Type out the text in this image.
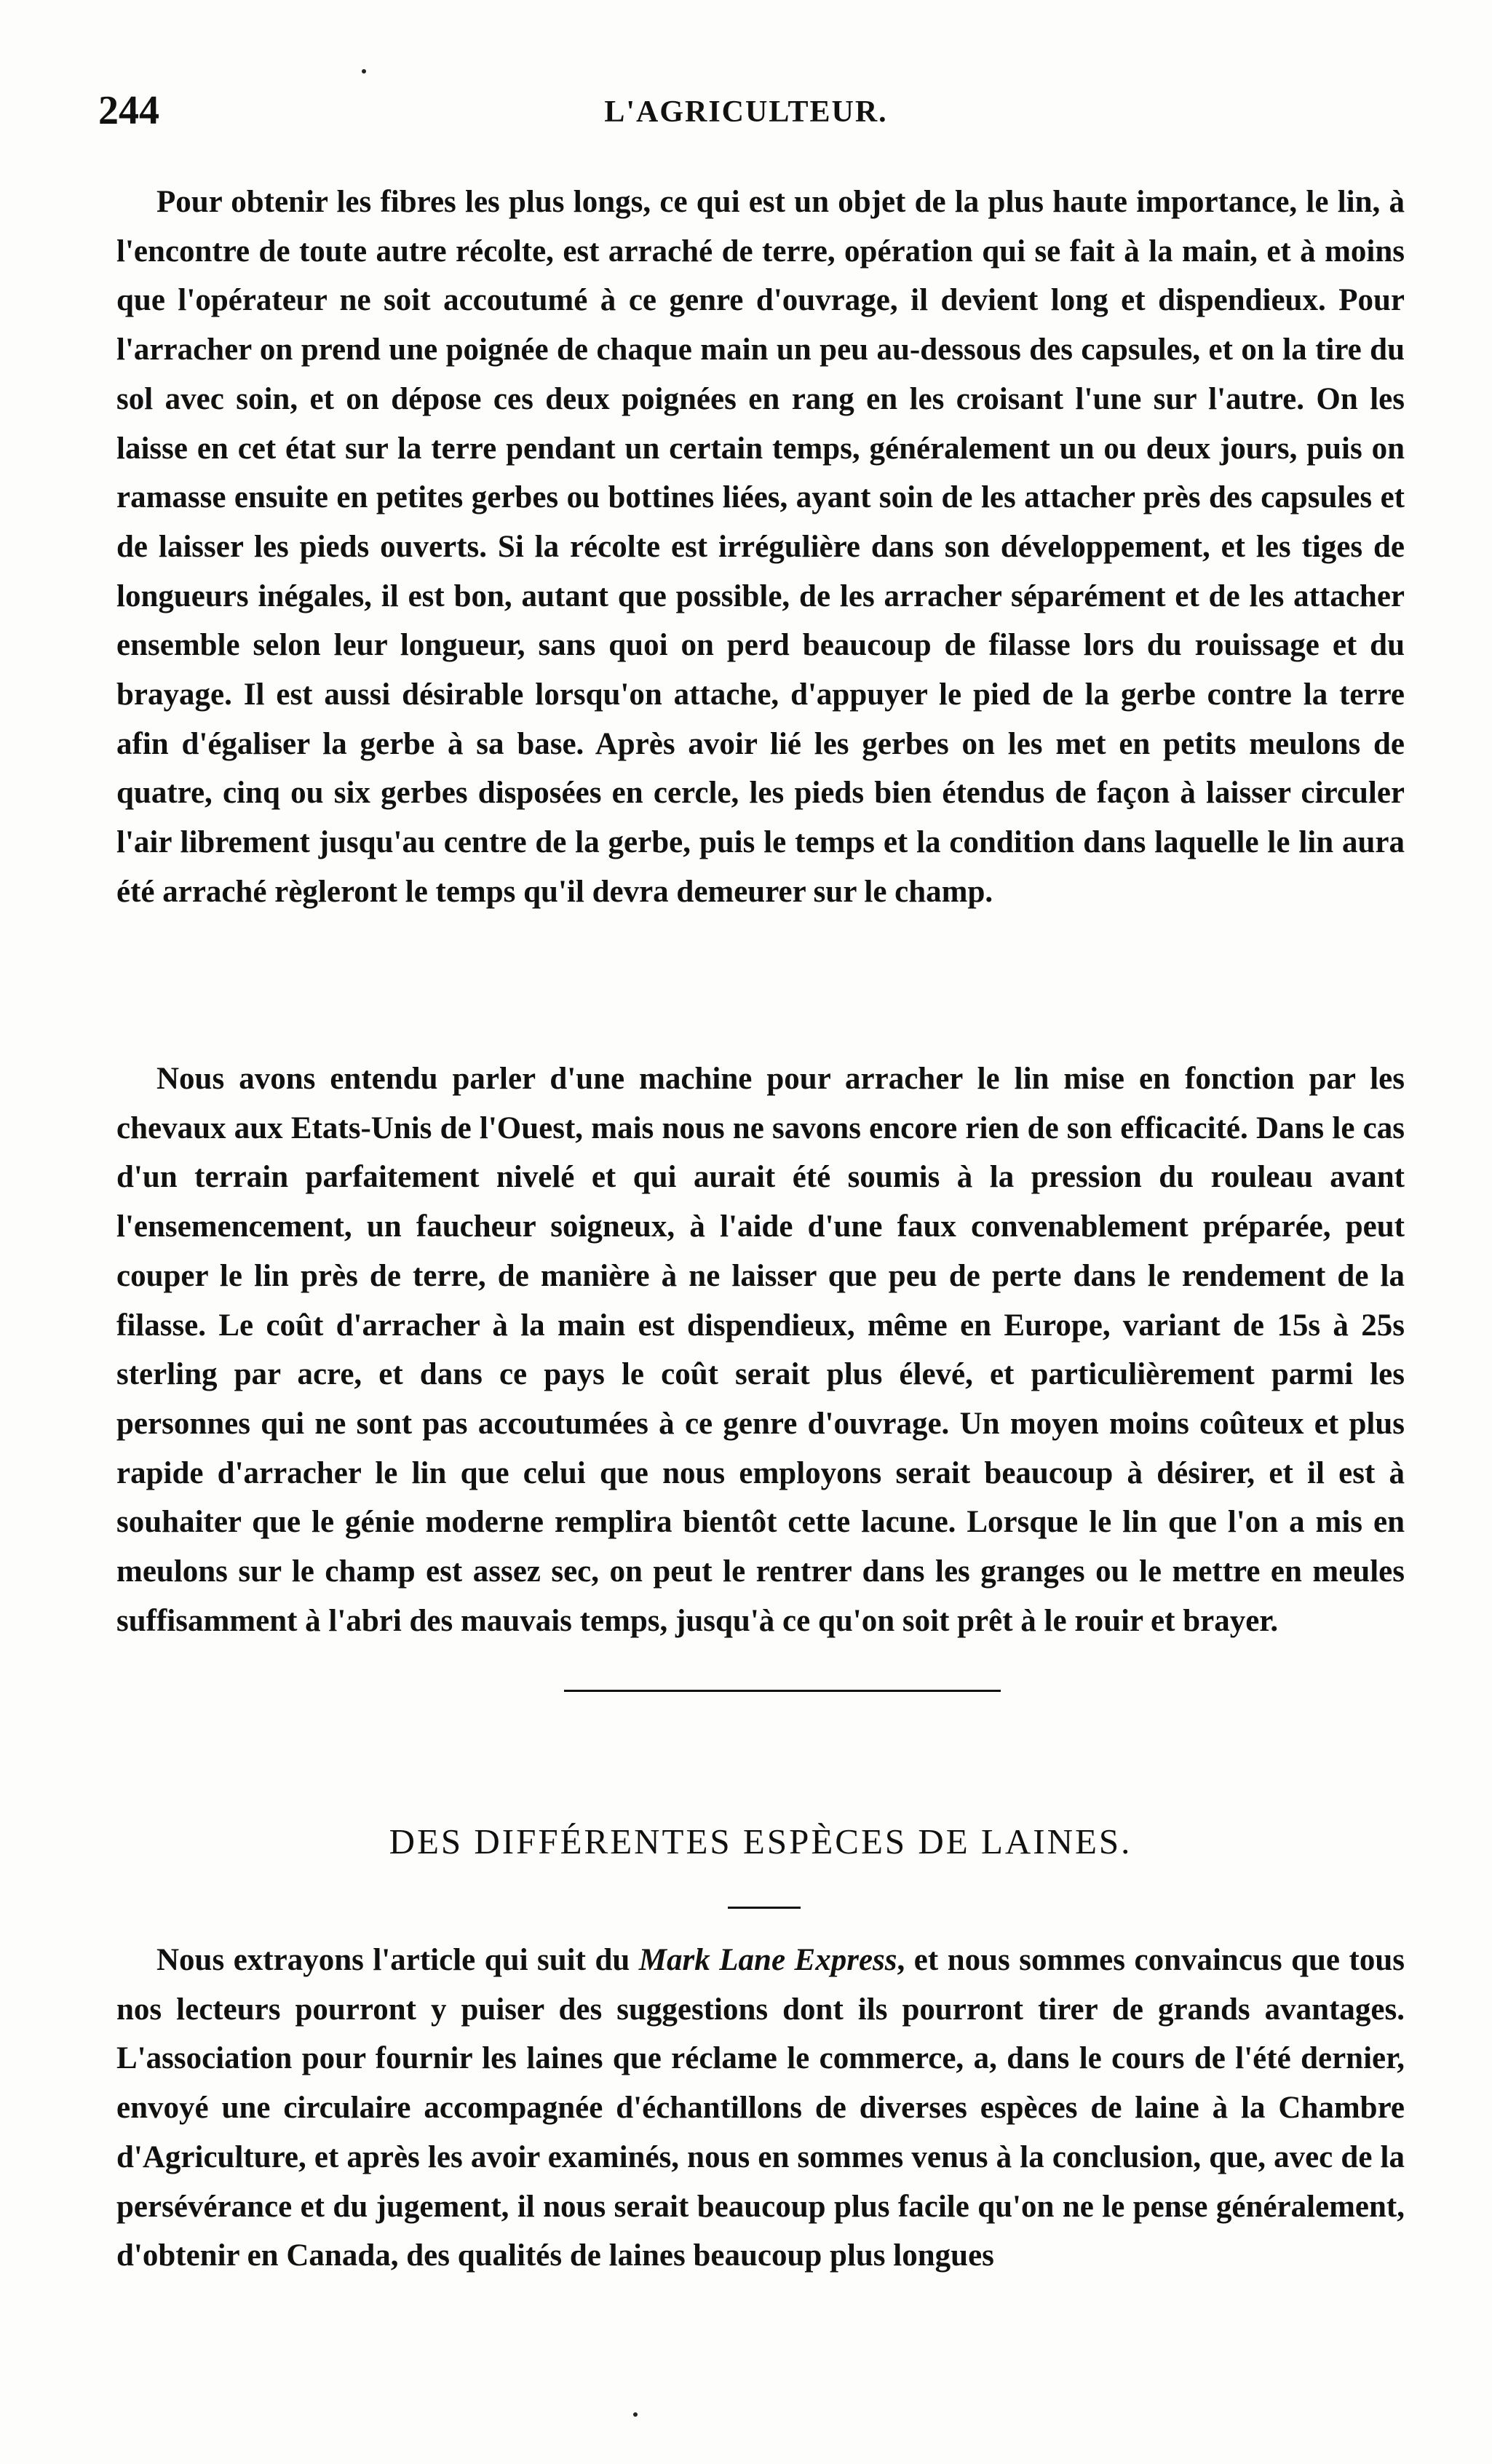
244	L'AGRICULTEUR.

Pour obtenir les fibres les plus longs, ce qui est un objet de la plus haute importance, le lin, à l'encontre de toute autre récolte, est arraché de terre, opération qui se fait à la main, et à moins que l'opérateur ne soit accoutumé à ce genre d'ouvrage, il devient long et dispendieux. Pour l'arracher on prend une poignée de chaque main un peu au-dessous des capsules, et on la tire du sol avec soin, et on dépose ces deux poignées en rang en les croisant l'une sur l'autre. On les laisse en cet état sur la terre pendant un certain temps, généralement un ou deux jours, puis on ramasse ensuite en petites gerbes ou bottines liées, ayant soin de les attacher près des capsules et de laisser les pieds ouverts. Si la récolte est irrégulière dans son développement, et les tiges de longueurs inégales, il est bon, autant que possible, de les arracher séparément et de les attacher ensemble selon leur longueur, sans quoi on perd beaucoup de filasse lors du rouissage et du brayage. Il est aussi désirable lorsqu'on attache, d'appuyer le pied de la gerbe contre la terre afin d'égaliser la gerbe à sa base. Après avoir lié les gerbes on les met en petits meulons de quatre, cinq ou six gerbes disposées en cercle, les pieds bien étendus de façon à laisser circuler l'air librement jusqu'au centre de la gerbe, puis le temps et la condition dans laquelle le lin aura été arraché règleront le temps qu'il devra demeurer sur le champ.

Nous avons entendu parler d'une machine pour arracher le lin mise en fonction par les chevaux aux Etats-Unis de l'Ouest, mais nous ne savons encore rien de son efficacité. Dans le cas d'un terrain parfaitement nivelé et qui aurait été soumis à la pression du rouleau avant l'ensemencement, un faucheur soigneux, à l'aide d'une faux convenablement préparée, peut couper le lin près de terre, de manière à ne laisser que peu de perte dans le rendement de la filasse. Le coût d'arracher à la main est dispendieux, même en Europe, variant de 15s à 25s sterling par acre, et dans ce pays le coût serait plus élevé, et particulièrement parmi les personnes qui ne sont pas accoutumées à ce genre d'ouvrage. Un moyen moins coûteux et plus rapide d'arracher le lin que celui que nous employons serait beaucoup à désirer, et il est à souhaiter que le génie moderne remplira bientôt cette lacune. Lorsque le lin que l'on a mis en meulons sur le champ est assez sec, on peut le rentrer dans les granges ou le mettre en meules suffisamment à l'abri des mauvais temps, jusqu'à ce qu'on soit prêt à le rouir et brayer.

DES DIFFÉRENTES ESPÈCES DE LAINES.

Nous extrayons l'article qui suit du Mark Lane Express, et nous sommes convaincus que tous nos lecteurs pourront y puiser des suggestions dont ils pourront tirer de grands avantages. L'association pour fournir les laines que réclame le commerce, a, dans le cours de l'été dernier, envoyé une circulaire accompagnée d'échantillons de diverses espèces de laine à la Chambre d'Agriculture, et après les avoir examinés, nous en sommes venus à la conclusion, que, avec de la persévérance et du jugement, il nous serait beaucoup plus facile qu'on ne le pense généralement, d'obtenir en Canada, des qualités de laines beaucoup plus longues
